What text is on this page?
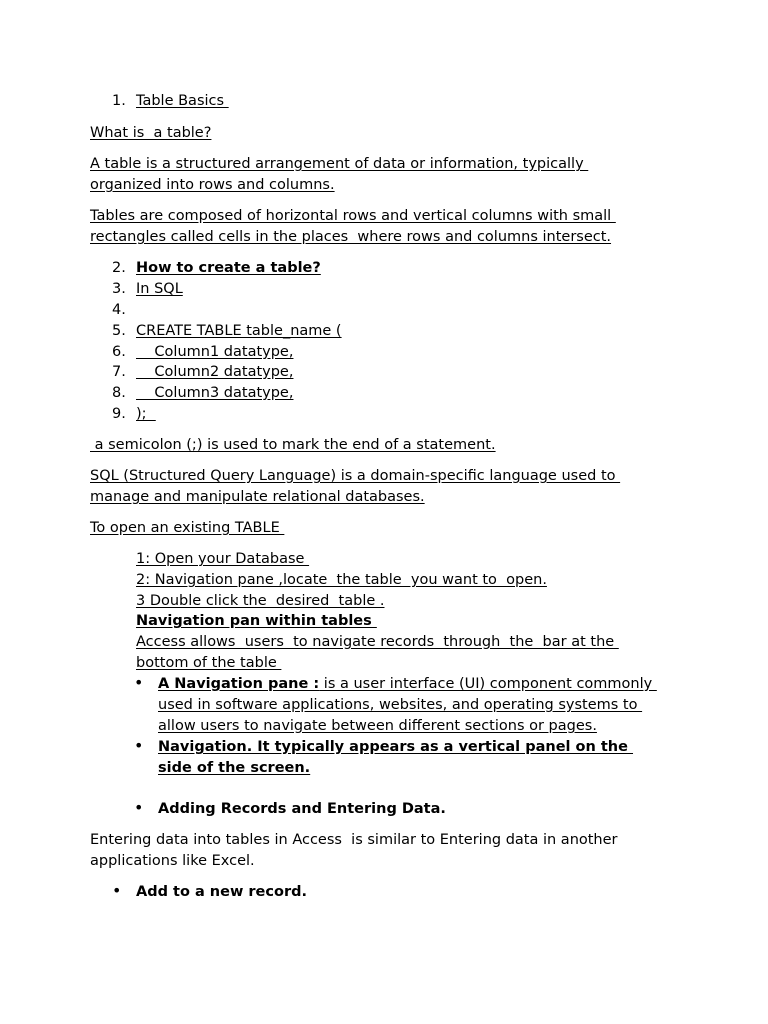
1. Table Basics
What is  a table?
A table is a structured arrangement of data or information, typically
organized into rows and columns.
Tables are composed of horizontal rows and vertical columns with small
rectangles called cells in the places  where rows and columns intersect.
2. How to create a table?
3. In SQL
4.
5. CREATE TABLE table_name (
6. Column1 datatype,
7. Column2 datatype,
8. Column3 datatype,
9. );
a semicolon (;) is used to mark the end of a statement.
SQL (Structured Query Language) is a domain-specific language used to
manage and manipulate relational databases.
To open an existing TABLE
1: Open your Database
2: Navigation pane ,locate  the table  you want to  open.
3 Double click the  desired  table .
Navigation pan within tables
Access allows  users  to navigate records  through  the  bar at the
bottom of the table
• A Navigation pane : is a user interface (UI) component commonly
used in software applications, websites, and operating systems to
allow users to navigate between different sections or pages.
• Navigation. It typically appears as a vertical panel on the
side of the screen.
• Adding Records and Entering Data.
Entering data into tables in Access  is similar to Entering data in another
applications like Excel.
• Add to a new record.
